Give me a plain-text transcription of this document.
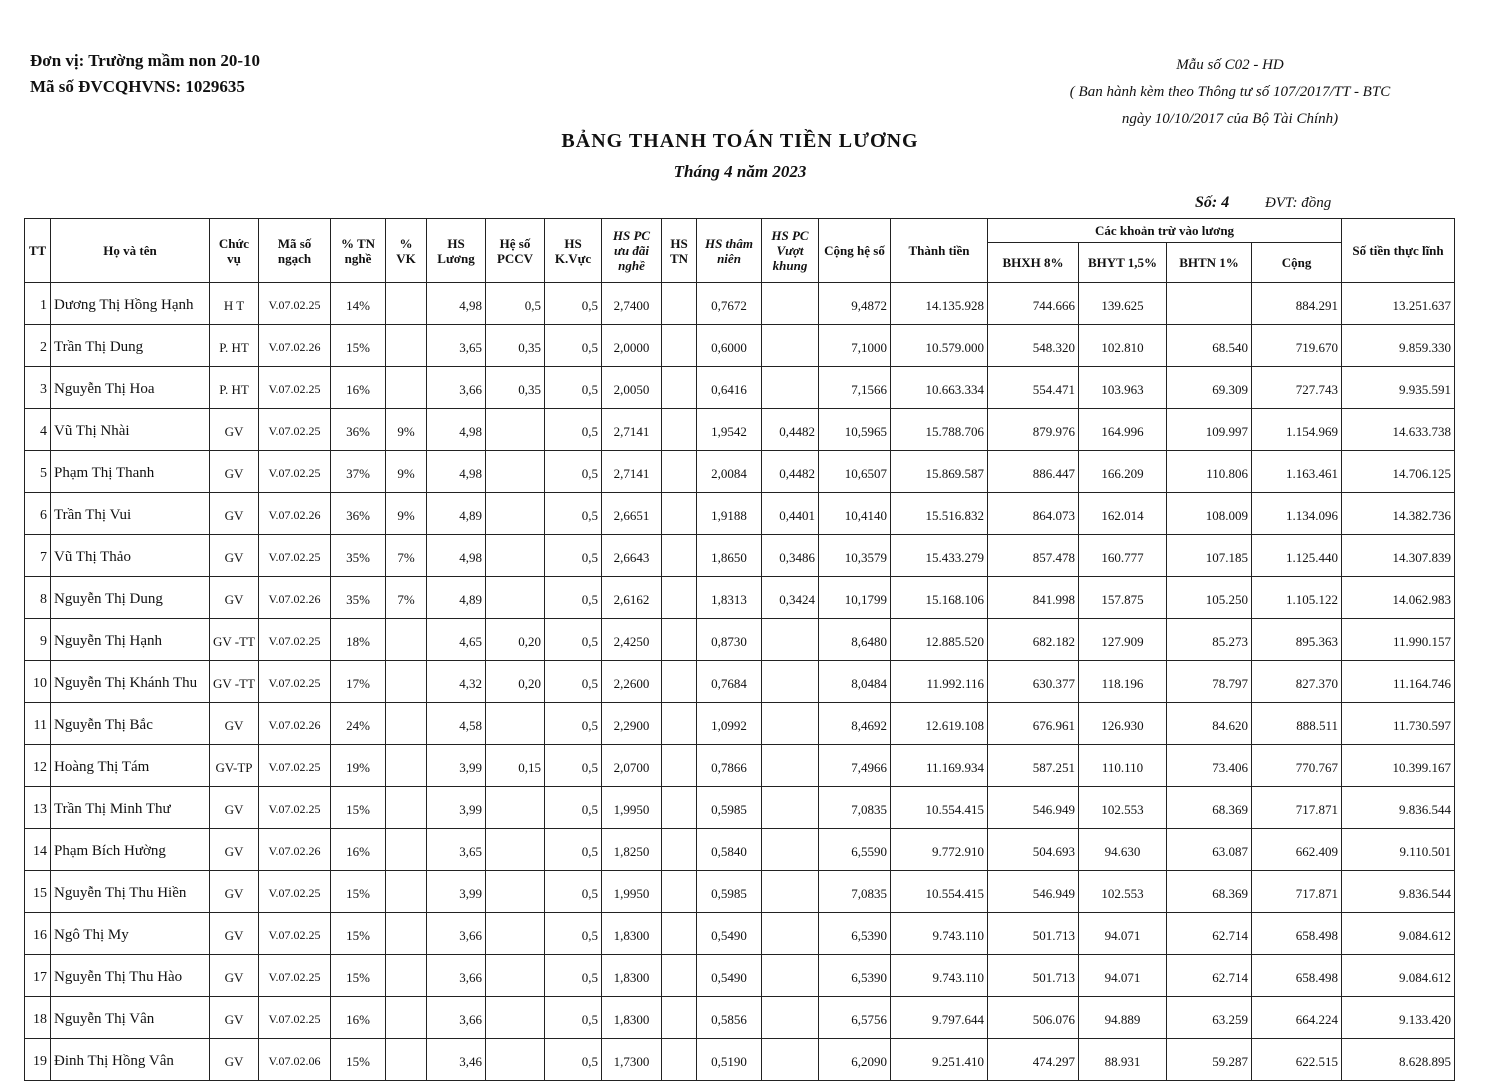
Đơn vị: Trường mầm non 20-10
Mã số ĐVCQHVNS: 1029635
Mẫu số C02 - HD
( Ban hành kèm theo Thông tư số 107/2017/TT - BTC
ngày 10/10/2017 của Bộ Tài Chính)
BẢNG THANH TOÁN TIỀN LƯƠNG
Tháng 4 năm 2023
Số: 4 ĐVT: đồng
TT	Họ và tên	Chức vụ	Mã số ngạch	% TN nghề	% VK	HS Lương	Hệ số PCCV	HS K.Vực	HS PC ưu đãi nghề	HS TN	HS thâm niên	HS PC Vượt khung	Cộng hệ số	Thành tiền	Các khoản trừ vào lương				Số tiền thực lĩnh
															BHXH 8%	BHYT 1,5%	BHTN 1%	Cộng	
1	Dương Thị Hồng Hạnh	H T	V.07.02.25	14%		4,98	0,5	0,5	2,7400		0,7672		9,4872	14.135.928	744.666	139.625		884.291	13.251.637
2	Trần Thị Dung	P. HT	V.07.02.26	15%		3,65	0,35	0,5	2,0000		0,6000		7,1000	10.579.000	548.320	102.810	68.540	719.670	9.859.330
3	Nguyễn Thị Hoa	P. HT	V.07.02.25	16%		3,66	0,35	0,5	2,0050		0,6416		7,1566	10.663.334	554.471	103.963	69.309	727.743	9.935.591
4	Vũ Thị Nhài	GV	V.07.02.25	36%	9%	4,98		0,5	2,7141		1,9542	0,4482	10,5965	15.788.706	879.976	164.996	109.997	1.154.969	14.633.738
5	Phạm Thị Thanh	GV	V.07.02.25	37%	9%	4,98		0,5	2,7141		2,0084	0,4482	10,6507	15.869.587	886.447	166.209	110.806	1.163.461	14.706.125
6	Trần Thị Vui	GV	V.07.02.26	36%	9%	4,89		0,5	2,6651		1,9188	0,4401	10,4140	15.516.832	864.073	162.014	108.009	1.134.096	14.382.736
7	Vũ Thị Thảo	GV	V.07.02.25	35%	7%	4,98		0,5	2,6643		1,8650	0,3486	10,3579	15.433.279	857.478	160.777	107.185	1.125.440	14.307.839
8	Nguyễn Thị Dung	GV	V.07.02.26	35%	7%	4,89		0,5	2,6162		1,8313	0,3424	10,1799	15.168.106	841.998	157.875	105.250	1.105.122	14.062.983
9	Nguyễn Thị Hạnh	GV -TT	V.07.02.25	18%		4,65	0,20	0,5	2,4250		0,8730		8,6480	12.885.520	682.182	127.909	85.273	895.363	11.990.157
10	Nguyễn Thị Khánh Thu	GV -TT	V.07.02.25	17%		4,32	0,20	0,5	2,2600		0,7684		8,0484	11.992.116	630.377	118.196	78.797	827.370	11.164.746
11	Nguyễn Thị Bắc	GV	V.07.02.26	24%		4,58		0,5	2,2900		1,0992		8,4692	12.619.108	676.961	126.930	84.620	888.511	11.730.597
12	Hoàng Thị Tám	GV-TP	V.07.02.25	19%		3,99	0,15	0,5	2,0700		0,7866		7,4966	11.169.934	587.251	110.110	73.406	770.767	10.399.167
13	Trần Thị Minh Thư	GV	V.07.02.25	15%		3,99		0,5	1,9950		0,5985		7,0835	10.554.415	546.949	102.553	68.369	717.871	9.836.544
14	Phạm Bích Hường	GV	V.07.02.26	16%		3,65		0,5	1,8250		0,5840		6,5590	9.772.910	504.693	94.630	63.087	662.409	9.110.501
15	Nguyễn Thị Thu Hiền	GV	V.07.02.25	15%		3,99		0,5	1,9950		0,5985		7,0835	10.554.415	546.949	102.553	68.369	717.871	9.836.544
16	Ngô Thị My	GV	V.07.02.25	15%		3,66		0,5	1,8300		0,5490		6,5390	9.743.110	501.713	94.071	62.714	658.498	9.084.612
17	Nguyễn Thị Thu Hào	GV	V.07.02.25	15%		3,66		0,5	1,8300		0,5490		6,5390	9.743.110	501.713	94.071	62.714	658.498	9.084.612
18	Nguyễn Thị Vân	GV	V.07.02.25	16%		3,66		0,5	1,8300		0,5856		6,5756	9.797.644	506.076	94.889	63.259	664.224	9.133.420
19	Đinh Thị Hồng Vân	GV	V.07.02.06	15%		3,46		0,5	1,7300		0,5190		6,2090	9.251.410	474.297	88.931	59.287	622.515	8.628.895
